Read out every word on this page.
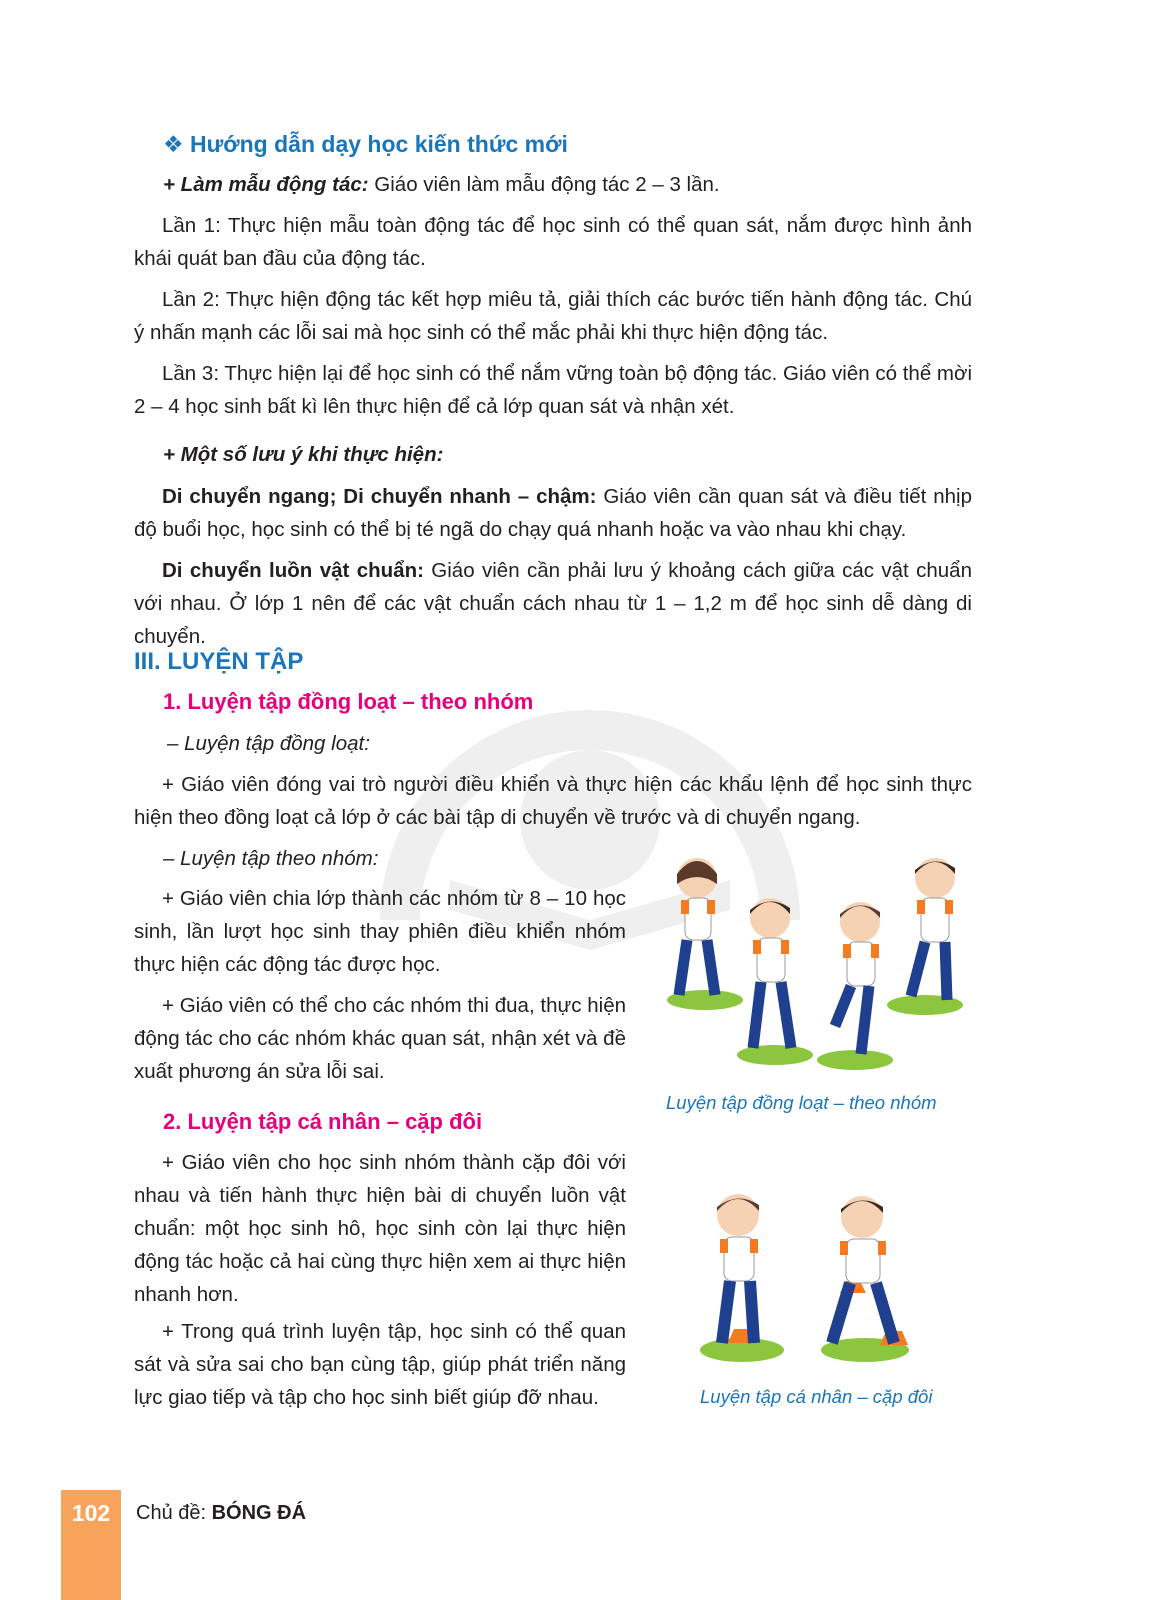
❖ Hướng dẫn dạy học kiến thức mới
+ Làm mẫu động tác: Giáo viên làm mẫu động tác 2 – 3 lần.

Lần 1: Thực hiện mẫu toàn động tác để học sinh có thể quan sát, nắm được hình ảnh khái quát ban đầu của động tác.

Lần 2: Thực hiện động tác kết hợp miêu tả, giải thích các bước tiến hành động tác. Chú ý nhấn mạnh các lỗi sai mà học sinh có thể mắc phải khi thực hiện động tác.

Lần 3: Thực hiện lại để học sinh có thể nắm vững toàn bộ động tác. Giáo viên có thể mời 2 – 4 học sinh bất kì lên thực hiện để cả lớp quan sát và nhận xét.

+ Một số lưu ý khi thực hiện:

Di chuyển ngang; Di chuyển nhanh – chậm: Giáo viên cần quan sát và điều tiết nhịp độ buổi học, học sinh có thể bị té ngã do chạy quá nhanh hoặc va vào nhau khi chạy.

Di chuyển luồn vật chuẩn: Giáo viên cần phải lưu ý khoảng cách giữa các vật chuẩn với nhau. Ở lớp 1 nên để các vật chuẩn cách nhau từ 1 – 1,2 m để học sinh dễ dàng di chuyển.

III. LUYỆN TẬP
1. Luyện tập đồng loạt – theo nhóm
– Luyện tập đồng loạt:

+ Giáo viên đóng vai trò người điều khiển và thực hiện các khẩu lệnh để học sinh thực hiện theo đồng loạt cả lớp ở các bài tập di chuyển về trước và di chuyển ngang.

– Luyện tập theo nhóm:

+ Giáo viên chia lớp thành các nhóm từ 8 – 10 học sinh, lần lượt học sinh thay phiên điều khiển nhóm thực hiện các động tác được học.

+ Giáo viên có thể cho các nhóm thi đua, thực hiện động tác cho các nhóm khác quan sát, nhận xét và đề xuất phương án sửa lỗi sai.

Luyện tập đồng loạt – theo nhóm
2. Luyện tập cá nhân – cặp đôi

+ Giáo viên cho học sinh nhóm thành cặp đôi với nhau và tiến hành thực hiện bài di chuyển luồn vật chuẩn: một học sinh hô, học sinh còn lại thực hiện động tác hoặc cả hai cùng thực hiện xem ai thực hiện nhanh hơn.

+ Trong quá trình luyện tập, học sinh có thể quan sát và sửa sai cho bạn cùng tập, giúp phát triển năng lực giao tiếp và tập cho học sinh biết giúp đỡ nhau.	Luyện tập cá nhân – cặp đôi
102	Chủ đề: BÓNG ĐÁ
